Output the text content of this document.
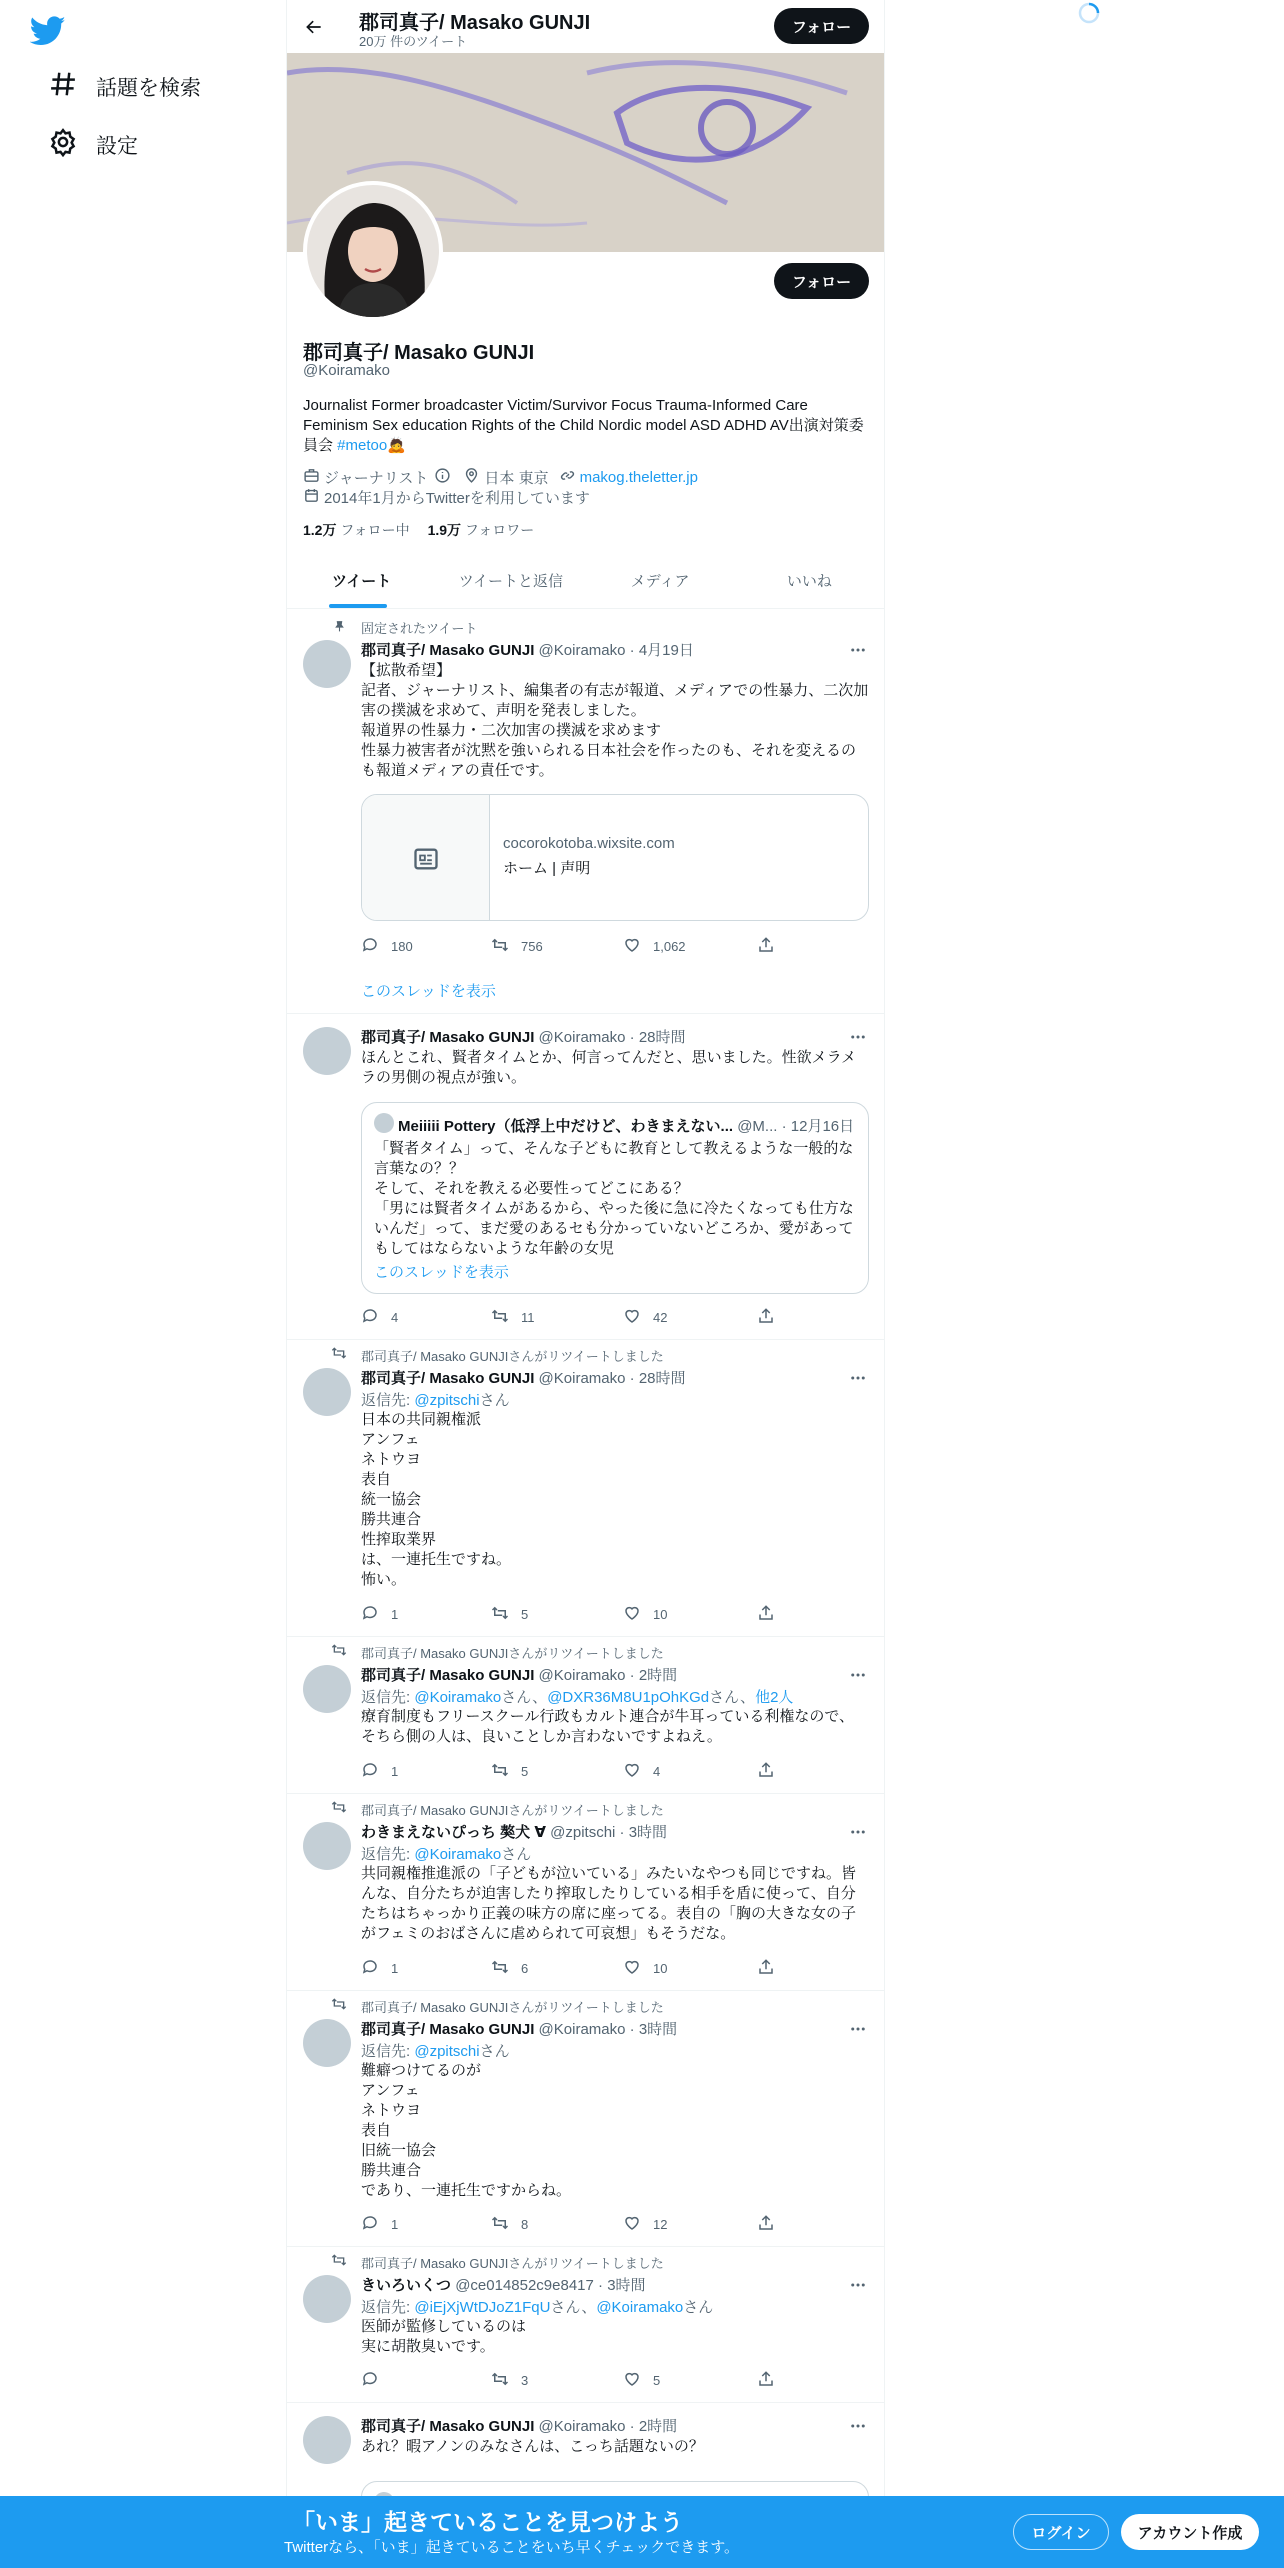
話題を検索
設定
郡司真子/ Masako GUNJI
20万 件のツイート
フォロー
フォロー
郡司真子/ Masako GUNJI
@Koiramako
Journalist Former broadcaster Victim/Survivor Focus Trauma-Informed Care Feminism Sex education Rights of the Child Nordic model ASD ADHD AV出演対策委員会 #metoo🙇
ジャーナリスト	日本 東京 makog.theletter.jp
2014年1月からTwitterを利用しています
1.2万 フォロー中 1.9万 フォロワー
ツイート	ツイートと返信	メディア	いいね
固定されたツイート
郡司真子/ Masako GUNJI @Koiramako · 4月19日
【拡散希望】
記者、ジャーナリスト、編集者の有志が報道、メディアでの性暴力、二次加害の撲滅を求めて、声明を発表しました。
報道界の性暴力・二次加害の撲滅を求めます
性暴力被害者が沈黙を強いられる日本社会を作ったのも、それを変えるのも報道メディアの責任です。
cocorokotoba.wixsite.com
ホーム | 声明
180	756	1,062
このスレッドを表示
郡司真子/ Masako GUNJI @Koiramako · 28時間
ほんとこれ、賢者タイムとか、何言ってんだと、思いました。性欲メラメラの男側の視点が強い。
Meiiiii Pottery（低浮上中だけど、わきまえない... @M... · 12月16日
「賢者タイム」って、そんな子どもに教育として教えるような一般的な言葉なの？？
そして、それを教える必要性ってどこにある？
「男には賢者タイムがあるから、やった後に急に冷たくなっても仕方ないんだ」って、まだ愛のあるセも分かっていないどころか、愛があってもしてはならないような年齢の女児
このスレッドを表示
4	11	42
郡司真子/ Masako GUNJIさんがリツイートしました
郡司真子/ Masako GUNJI @Koiramako · 28時間
返信先: @zpitschiさん
日本の共同親権派
アンフェ
ネトウヨ
表自
統一協会
勝共連合
性搾取業界
は、一連托生ですね。
怖い。
1	5	10
郡司真子/ Masako GUNJIさんがリツイートしました
郡司真子/ Masako GUNJI @Koiramako · 2時間
返信先: @Koiramakoさん、@DXR36M8U1pOhKGdさん、他2人
療育制度もフリースクール行政もカルト連合が牛耳っている利権なので、そちら側の人は、良いことしか言わないですよねえ。
1	5	4
郡司真子/ Masako GUNJIさんがリツイートしました
わきまえないぴっち 獒犬 ∀ @zpitschi · 3時間
返信先: @Koiramakoさん
共同親権推進派の「子どもが泣いている」みたいなやつも同じですね。皆んな、自分たちが迫害したり搾取したりしている相手を盾に使って、自分たちはちゃっかり正義の味方の席に座ってる。表自の「胸の大きな女の子がフェミのおばさんに虐められて可哀想」もそうだな。
1	6	10
郡司真子/ Masako GUNJIさんがリツイートしました
郡司真子/ Masako GUNJI @Koiramako · 3時間
返信先: @zpitschiさん
難癖つけてるのが
アンフェ
ネトウヨ
表自
旧統一協会
勝共連合
であり、一連托生ですからね。
1	8	12
郡司真子/ Masako GUNJIさんがリツイートしました
きいろいくつ @ce014852c9e8417 · 3時間
返信先: @iEjXjWtDJoZ1FqUさん、@Koiramakoさん
医師が監修しているのは
実に胡散臭いです。
3	5
郡司真子/ Masako GUNJI @Koiramako · 2時間
あれ？暇アノンのみなさんは、こっち話題ないの？
「いま」起きていることを見つけよう
Twitterなら、「いま」起きていることをいち早くチェックできます。
ログイン	アカウント作成
